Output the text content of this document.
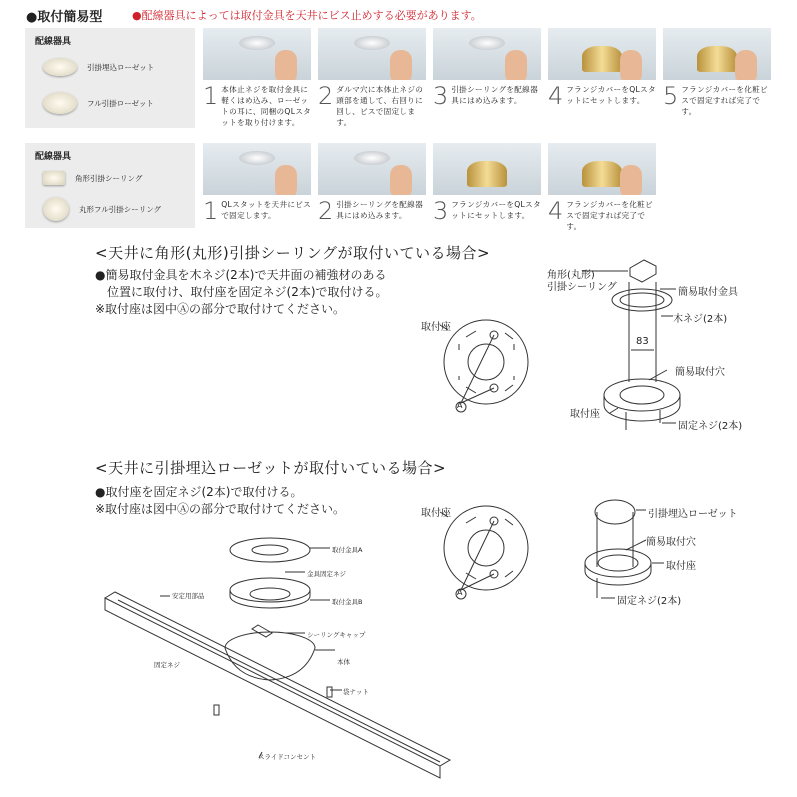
●取付簡易型	●配線器具によっては取付金具を天井にビス止めする必要があります。
配線器具
引掛埋込ローゼット
フル引掛ローゼット
配線器具
角形引掛シーリング
丸形フル引掛シーリング
1 本体止ネジを取付金具に軽くはめ込み、ローゼットの耳に、同梱のQLスタットを取り付けます。
2 ダルマ穴に本体止ネジの頭部を通して、右回りに回し、ビスで固定します。
3 引掛シーリングを配線器具にはめ込みます。	4 フランジカバーをQLスタットにセットします。 5 フランジカバーを化粧ビスで固定すれば完了です。
1 QLスタットを天井にビスで固定します。	2 引掛シーリングを配線器具にはめ込みます。	3 フランジカバーをQLスタットにセットします。 4 フランジカバーを化粧ビスで固定すれば完了です。
<天井に角形(丸形)引掛シーリングが取付いている場合>
●簡易取付金具を木ネジ(2本)で天井面の補強材のある
　位置に取付け、取付座を固定ネジ(2本)で取付ける。
※取付座は図中Ⓐの部分で取付けてください。
取付座
A
角形(丸形)
引掛シーリング	簡易取付金具
木ネジ(2本)
83
簡易取付穴
取付座
固定ネジ(2本)
<天井に引掛埋込ローゼットが取付いている場合>
●取付座を固定ネジ(2本)で取付ける。
※取付座は図中Ⓐの部分で取付けてください。	取付座
A
引掛埋込ローゼット
簡易取付穴
取付座
固定ネジ(2本)
取付金具A
金具固定ネジ
安定用部品
取付金具B
シーリングキャップ
固定ネジ	本体
袋ナット
スライドコンセント
